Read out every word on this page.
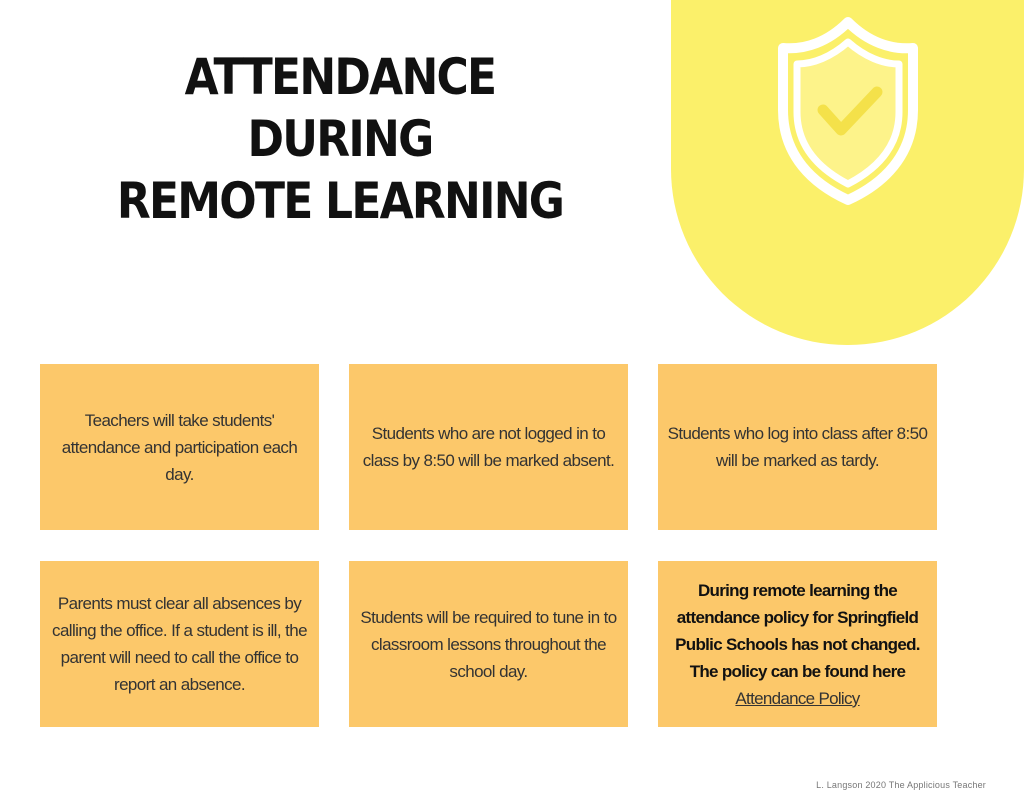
ATTENDANCE DURING
REMOTE LEARNING

Teachers will take students' attendance and participation each day.

Students who are not logged in to class by 8:50 will be marked absent.

Students who log into class after 8:50 will be marked as tardy.

Parents must clear all absences by calling the office. If a student is ill, the parent will need to call the office to report an absence.

Students will be required to tune in to classroom lessons throughout the school day.

During remote learning the attendance policy for Springfield Public Schools has not changed. The policy can be found here

Attendance Policy
L. Langson 2020 The Applicious Teacher
